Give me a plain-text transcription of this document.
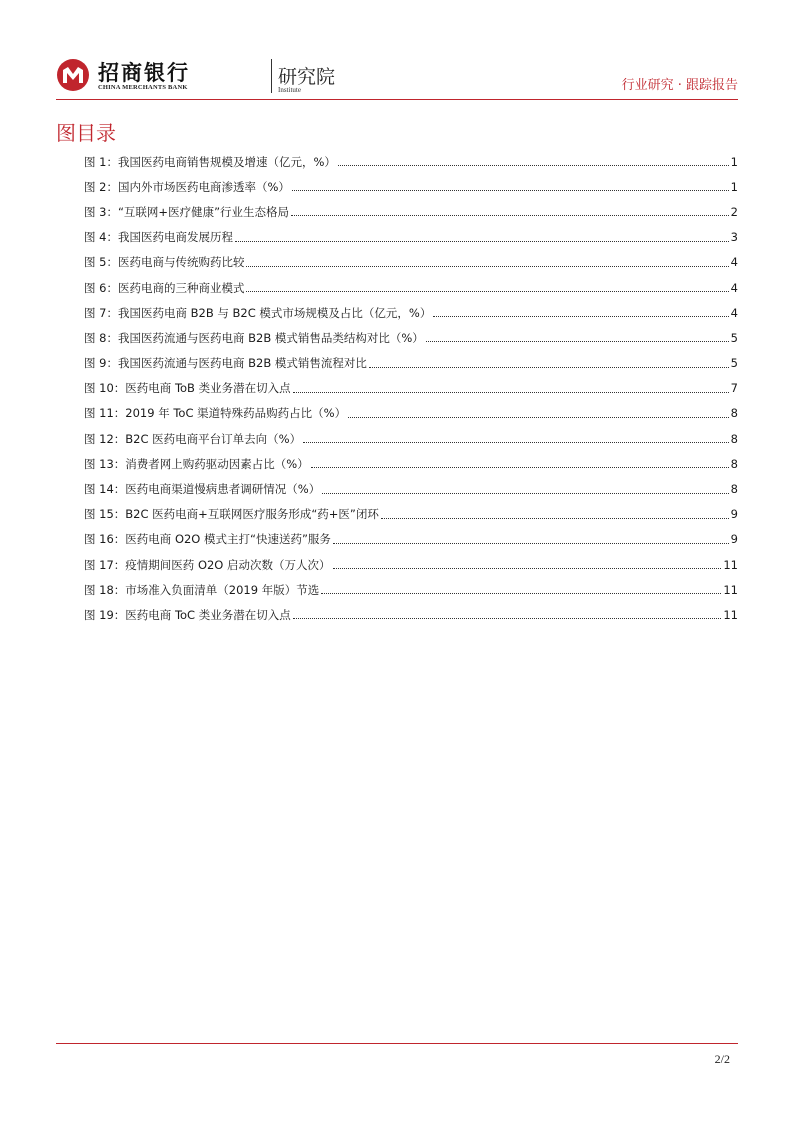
招商银行
CHINA MERCHANTS BANK	研究院
Institute	行业研究 · 跟踪报告
图目录
图 1：我国医药电商销售规模及增速（亿元，%）	1
图 2：国内外市场医药电商渗透率（%）	1
图 3：“互联网+医疗健康”行业生态格局	2
图 4：我国医药电商发展历程	3
图 5：医药电商与传统购药比较	4
图 6：医药电商的三种商业模式	4
图 7：我国医药电商 B2B 与 B2C 模式市场规模及占比（亿元，%）	4
图 8：我国医药流通与医药电商 B2B 模式销售品类结构对比（%）	5
图 9：我国医药流通与医药电商 B2B 模式销售流程对比	5
图 10：医药电商 ToB 类业务潜在切入点	7
图 11：2019 年 ToC 渠道特殊药品购药占比（%）	8
图 12：B2C 医药电商平台订单去向（%）	8
图 13：消费者网上购药驱动因素占比（%）	8
图 14：医药电商渠道慢病患者调研情况（%）	8
图 15：B2C 医药电商+互联网医疗服务形成“药+医”闭环	9
图 16：医药电商 O2O 模式主打“快速送药”服务	9
图 17：疫情期间医药 O2O 启动次数（万人次）	11
图 18：市场准入负面清单（2019 年版）节选	11
图 19：医药电商 ToC 类业务潜在切入点	11
2/2
